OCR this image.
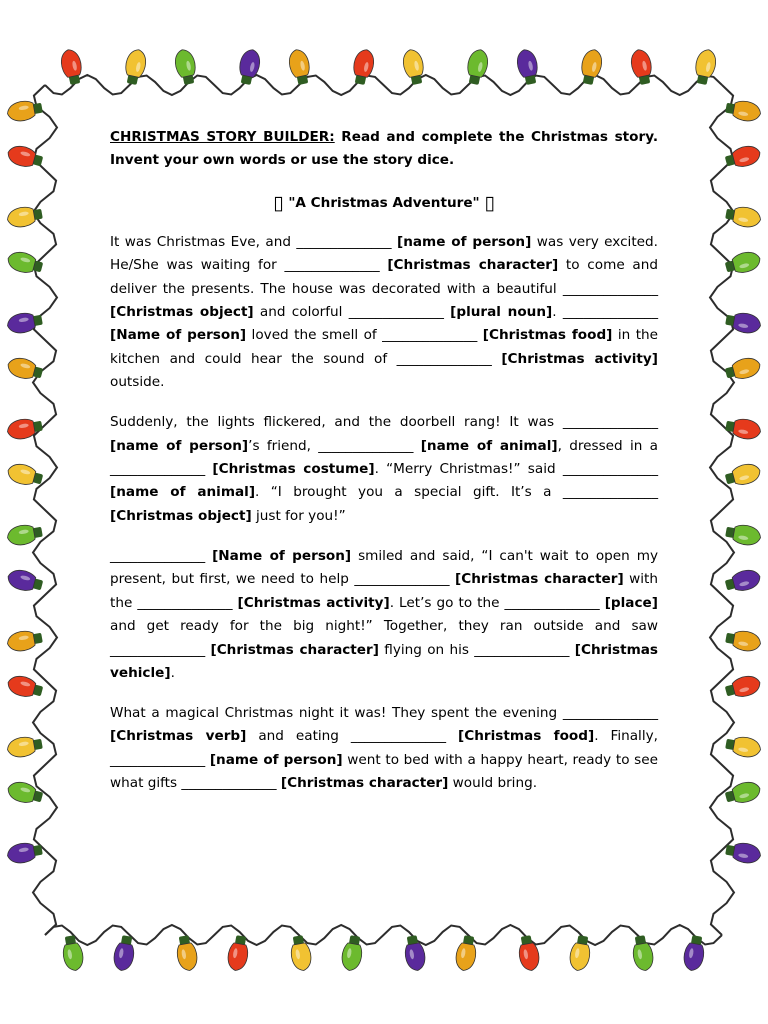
CHRISTMAS STORY BUILDER: Read and complete the Christmas story. Invent your own words or use the story dice.

▯ "A Christmas Adventure" ▯

It was Christmas Eve, and ______________ [name of person] was very excited. He/She was waiting for ______________ [Christmas character] to come and deliver the presents. The house was decorated with a beautiful ______________ [Christmas object] and colorful ______________ [plural noun]. ______________ [Name of person] loved the smell of ______________ [Christmas food] in the kitchen and could hear the sound of ______________ [Christmas activity] outside.

Suddenly, the lights flickered, and the doorbell rang! It was ______________ [name of person]’s friend, ______________ [name of animal], dressed in a ______________ [Christmas costume]. “Merry Christmas!” said ______________ [name of animal]. “I brought you a special gift. It’s a ______________ [Christmas object] just for you!”

______________ [Name of person] smiled and said, “I can't wait to open my present, but first, we need to help ______________ [Christmas character] with the ______________ [Christmas activity]. Let’s go to the ______________ [place] and get ready for the big night!” Together, they ran outside and saw ______________ [Christmas character] flying on his ______________ [Christmas vehicle].

What a magical Christmas night it was! They spent the evening ______________ [Christmas verb] and eating ______________ [Christmas food]. Finally, ______________ [name of person] went to bed with a happy heart, ready to see what gifts ______________ [Christmas character] would bring.
